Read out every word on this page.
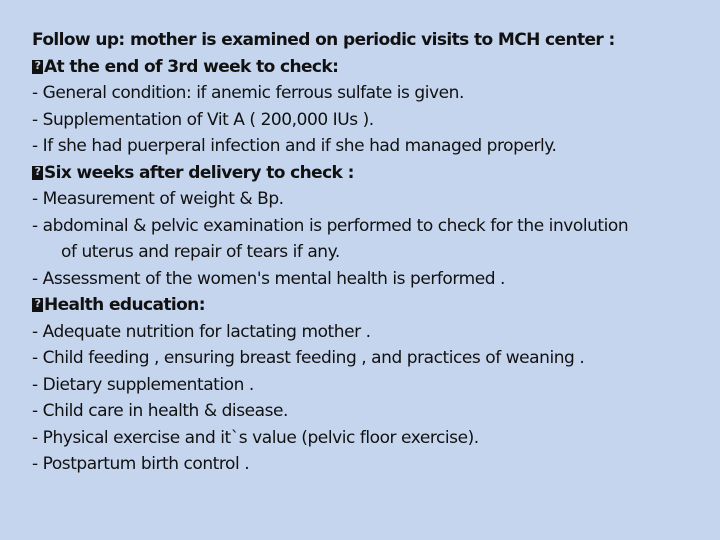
Follow up: mother is examined on periodic visits to MCH center :
?At the end of 3rd week to check:
- General condition: if anemic ferrous sulfate is given.
- Supplementation of Vit A ( 200,000 IUs ).
- If she had puerperal infection and if she had managed properly.
?Six weeks after delivery to check :
- Measurement of weight & Bp.
- abdominal & pelvic examination is performed to check for the involution
of uterus and repair of tears if any.
- Assessment of the women's mental health is performed .
?Health education:
- Adequate nutrition for lactating mother .
- Child feeding , ensuring breast feeding , and practices of weaning .
- Dietary supplementation .
- Child care in health & disease.
- Physical exercise and it`s value (pelvic floor exercise).
- Postpartum birth control .
